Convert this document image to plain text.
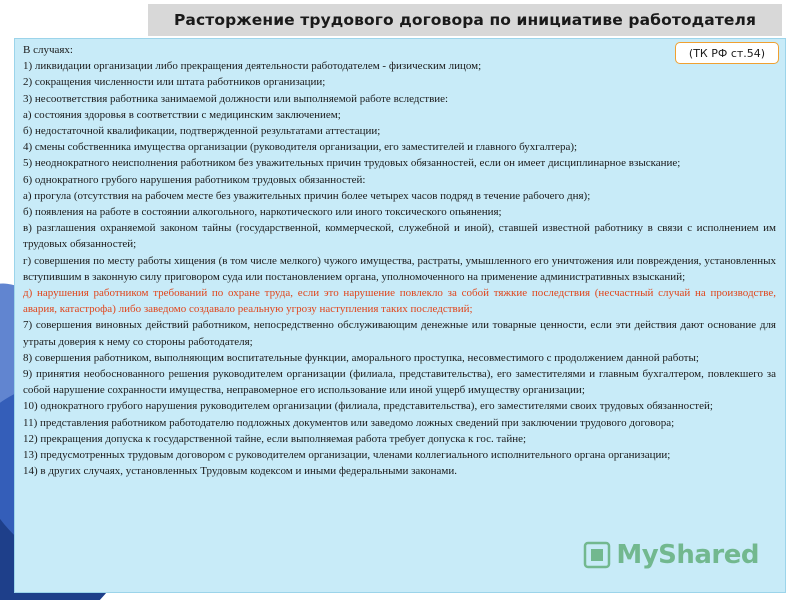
Расторжение трудового договора по инициативе работодателя
(ТК РФ ст.54)

В случаях:

1) ликвидации организации либо прекращения деятельности работодателем - физическим лицом;

2) сокращения численности или штата работников организации;

3) несоответствия работника занимаемой должности или выполняемой работе вследствие:

а) состояния здоровья в соответствии с медицинским заключением;

б) недостаточной квалификации, подтвержденной результатами аттестации;

4) смены собственника имущества организации (руководителя организации, его заместителей и главного бухгалтера);

5) неоднократного неисполнения работником без уважительных причин трудовых обязанностей, если он имеет дисциплинарное взыскание;

6) однократного грубого нарушения работником трудовых обязанностей:

а) прогула (отсутствия на рабочем месте без уважительных причин более четырех часов подряд в течение рабочего дня);

б) появления на работе в состоянии алкогольного, наркотического или иного токсического опьянения;

в) разглашения охраняемой законом тайны (государственной, коммерческой, служебной и иной), ставшей известной работнику в связи с исполнением им трудовых обязанностей;

г) совершения по месту работы хищения (в том числе мелкого) чужого имущества, растраты, умышленного его уничтожения или повреждения, установленных вступившим в законную силу приговором суда или постановлением органа, уполномоченного на применение административных взысканий;

д) нарушения работником требований по охране труда, если это нарушение повлекло за собой тяжкие последствия (несчастный случай на производстве, авария, катастрофа) либо заведомо создавало реальную угрозу наступления таких последствий;

7) совершения виновных действий работником, непосредственно обслуживающим денежные или товарные ценности, если эти действия дают основание для утраты доверия к нему со стороны работодателя;

8) совершения работником, выполняющим воспитательные функции, аморального проступка, несовместимого с продолжением данной работы;

9) принятия необоснованного решения руководителем организации (филиала, представительства), его заместителями и главным бухгалтером, повлекшего за собой нарушение сохранности имущества, неправомерное его использование или иной ущерб имуществу организации;

10) однократного грубого нарушения руководителем организации (филиала, представительства), его заместителями своих трудовых обязанностей;

11) представления работником работодателю подложных документов или заведомо ложных сведений при заключении трудового договора;

12) прекращения допуска к государственной тайне, если выполняемая работа требует допуска к гос. тайне;

13) предусмотренных трудовым договором с руководителем организации, членами коллегиального исполнительного органа организации;

14) в других случаях, установленных Трудовым кодексом и иными федеральными законами.

MyShared
